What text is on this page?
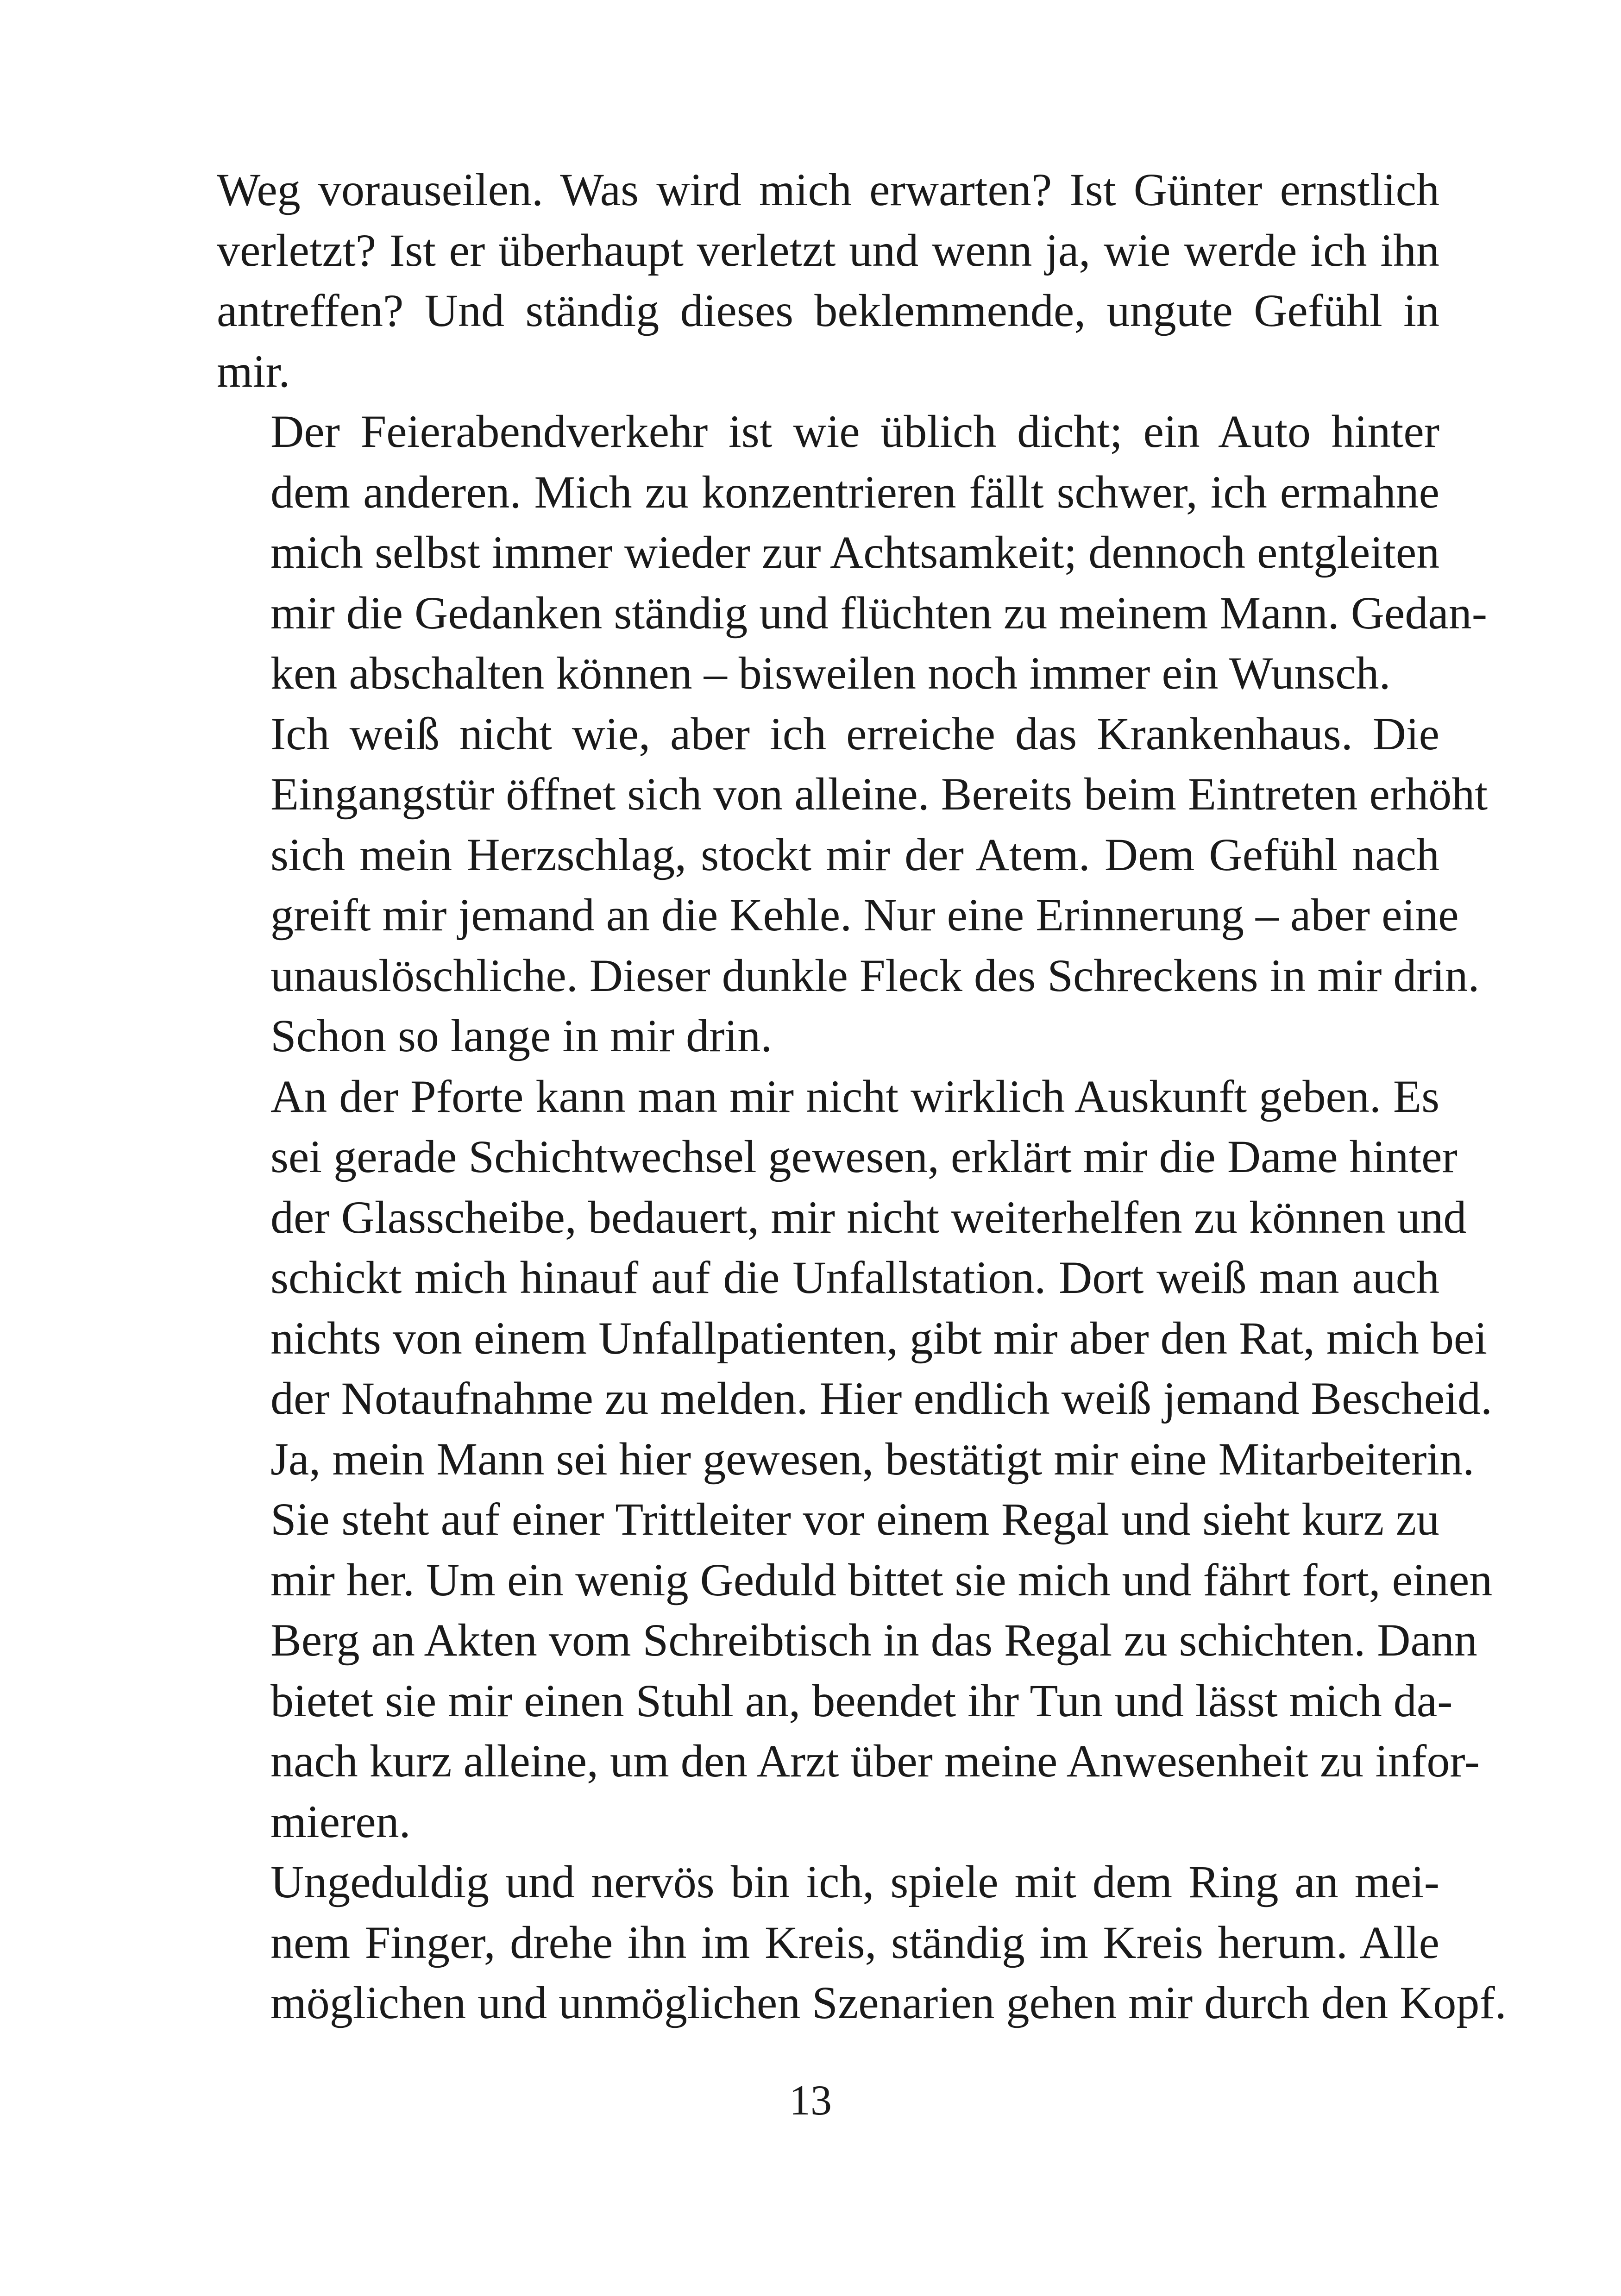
Weg vorauseilen. Was wird mich erwarten? Ist Günter ernstlich
verletzt? Ist er überhaupt verletzt und wenn ja, wie werde ich ihn
antreffen? Und ständig dieses beklemmende, ungute Gefühl in
mir.
Der Feierabendverkehr ist wie üblich dicht; ein Auto hinter
dem anderen. Mich zu konzentrieren fällt schwer, ich ermahne
mich selbst immer wieder zur Achtsamkeit; dennoch entgleiten
mir die Gedanken ständig und flüchten zu meinem Mann. Gedan-
ken abschalten können – bisweilen noch immer ein Wunsch.
Ich weiß nicht wie, aber ich erreiche das Krankenhaus. Die
Eingangstür öffnet sich von alleine. Bereits beim Eintreten erhöht
sich mein Herzschlag, stockt mir der Atem. Dem Gefühl nach
greift mir jemand an die Kehle. Nur eine Erinnerung – aber eine
unauslöschliche. Dieser dunkle Fleck des Schreckens in mir drin.
Schon so lange in mir drin.
An der Pforte kann man mir nicht wirklich Auskunft geben. Es
sei gerade Schichtwechsel gewesen, erklärt mir die Dame hinter
der Glasscheibe, bedauert, mir nicht weiterhelfen zu können und
schickt mich hinauf auf die Unfallstation. Dort weiß man auch
nichts von einem Unfallpatienten, gibt mir aber den Rat, mich bei
der Notaufnahme zu melden. Hier endlich weiß jemand Bescheid.
Ja, mein Mann sei hier gewesen, bestätigt mir eine Mitarbeiterin.
Sie steht auf einer Trittleiter vor einem Regal und sieht kurz zu
mir her. Um ein wenig Geduld bittet sie mich und fährt fort, einen
Berg an Akten vom Schreibtisch in das Regal zu schichten. Dann
bietet sie mir einen Stuhl an, beendet ihr Tun und lässt mich da-
nach kurz alleine, um den Arzt über meine Anwesenheit zu infor-
mieren.
Ungeduldig und nervös bin ich, spiele mit dem Ring an mei-
nem Finger, drehe ihn im Kreis, ständig im Kreis herum. Alle
möglichen und unmöglichen Szenarien gehen mir durch den Kopf.
13
